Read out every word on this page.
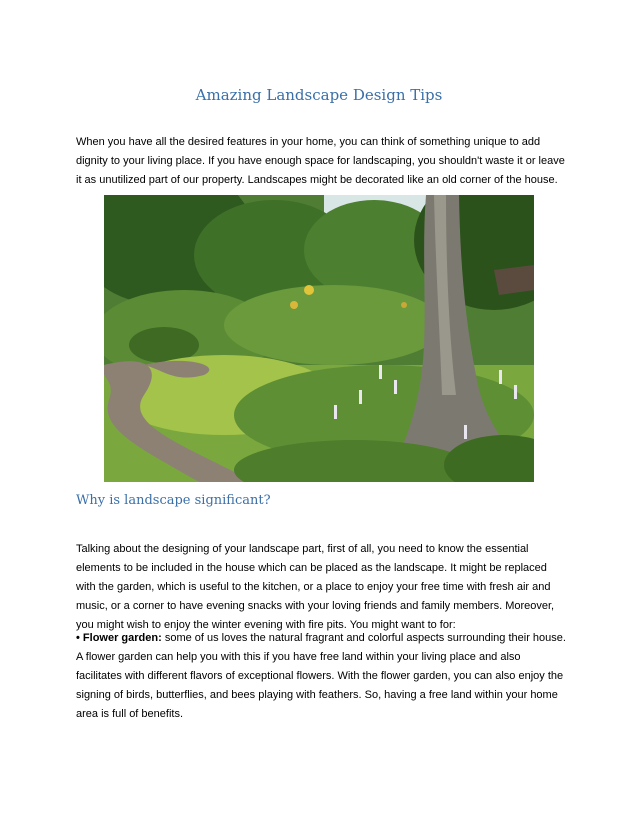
Amazing Landscape Design Tips

When you have all the desired features in your home, you can think of something unique to add dignity to your living place. If you have enough space for landscaping, you shouldn't waste it or leave it as unutilized part of our property. Landscapes might be decorated like an old corner of the house.

Why is landscape significant?

Talking about the designing of your landscape part, first of all, you need to know the essential elements to be included in the house which can be placed as the landscape. It might be replaced with the garden, which is useful to the kitchen, or a place to enjoy your free time with fresh air and music, or a corner to have evening snacks with your loving friends and family members. Moreover, you might wish to enjoy the winter evening with fire pits. You might want to for:

• Flower garden: some of us loves the natural fragrant and colorful aspects surrounding their house. A flower garden can help you with this if you have free land within your living place and also facilitates with different flavors of exceptional flowers. With the flower garden, you can also enjoy the signing of birds, butterflies, and bees playing with feathers. So, having a free land within your home area is full of benefits.
